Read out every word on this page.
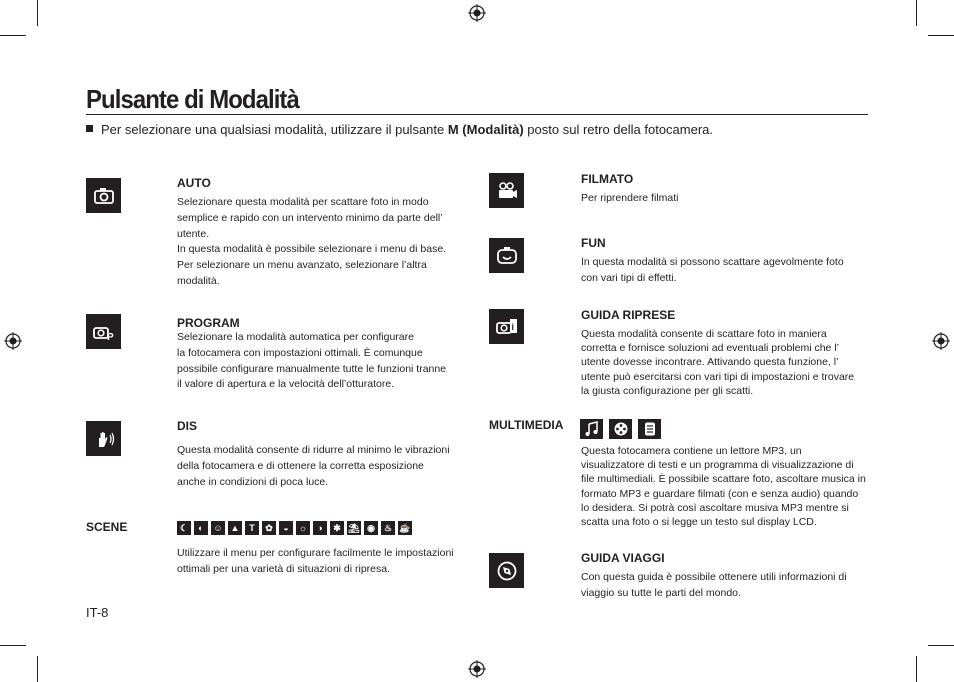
Pulsante di Modalità
Per selezionare una qualsiasi modalità, utilizzare il pulsante M (Modalità) posto sul retro della fotocamera.
AUTO
Selezionare questa modalità per scattare foto in modo
semplice e rapido con un intervento minimo da parte dell’
utente.
In questa modalità è possibile selezionare i menu di base.
Per selezionare un menu avanzato, selezionare l’altra
modalità.
P
PROGRAM
Selezionare la modalità automatica per configurare
la fotocamera con impostazioni ottimali. È comunque
possibile configurare manualmente tutte le funzioni tranne
il valore di apertura e la velocità dell’otturatore.
DIS
Questa modalità consente di ridurre al minimo le vibrazioni
della fotocamera e di ottenere la corretta esposizione
anche in condizioni di poca luce.
SCENE	☾	◐	☺ ▲	T	✿	◒	☼	◑	✱ ⛱ ◉	♨ ☕
Utilizzare il menu per configurare facilmente le impostazioni
ottimali per una varietà di situazioni di ripresa.
FILMATO
Per riprendere filmati
FUN
In questa modalità si possono scattare agevolmente foto
con vari tipi di effetti.
i
GUIDA RIPRESE
Questa modalità consente di scattare foto in maniera
corretta e fornisce soluzioni ad eventuali problemi che l’
utente dovesse incontrare. Attivando questa funzione, l’
utente può esercitarsi con vari tipi di impostazioni e trovare
la giusta configurazione per gli scatti.
MULTIMEDIA
Questa fotocamera contiene un lettore MP3, un
visualizzatore di testi e un programma di visualizzazione di
file multimediali. È possibile scattare foto, ascoltare musica in
formato MP3 e guardare filmati (con e senza audio) quando
lo desidera. Si potrà così ascoltare musiva MP3 mentre si
scatta una foto o si legge un testo sul display LCD.
GUIDA VIAGGI
Con questa guida è possibile ottenere utili informazioni di
viaggio su tutte le parti del mondo.
IT-8
